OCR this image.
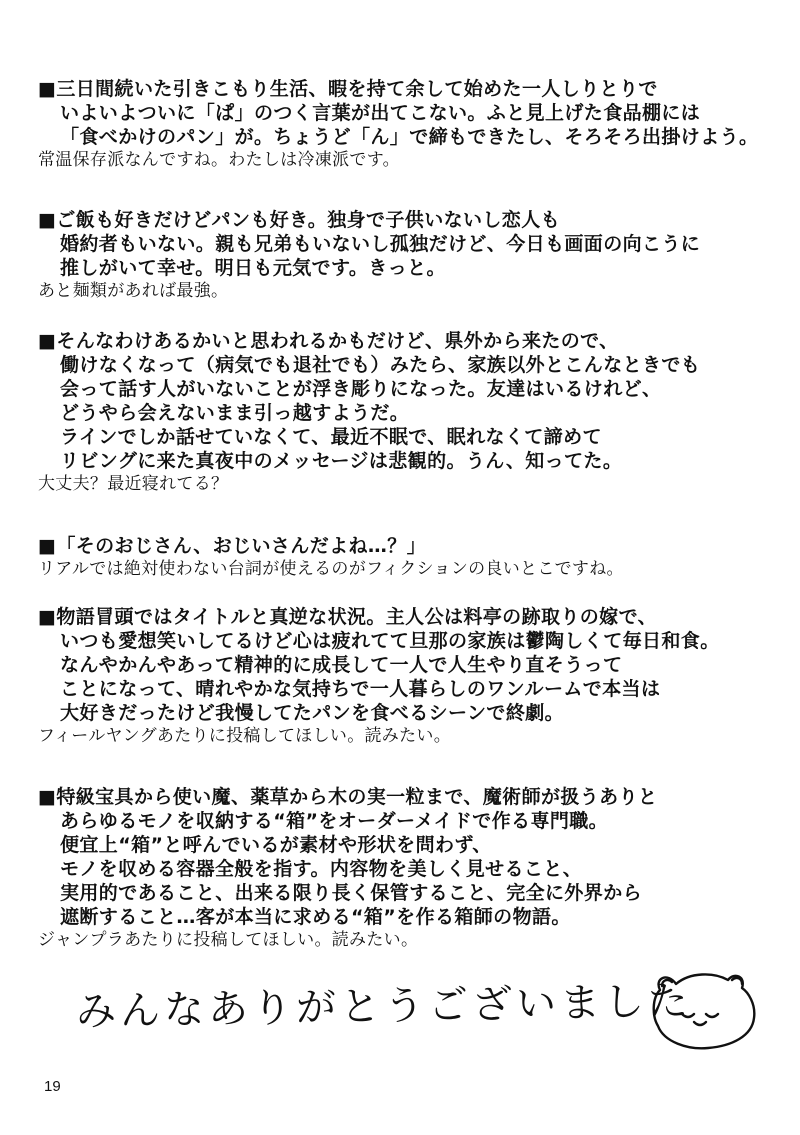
■三日間続いた引きこもり生活、暇を持て余して始めた一人しりとりで
いよいよついに「ぱ」のつく言葉が出てこない。ふと見上げた食品棚には
「食べかけのパン」が。ちょうど「ん」で締もできたし、そろそろ出掛けよう。
常温保存派なんですね。わたしは冷凍派です。
■ご飯も好きだけどパンも好き。独身で子供いないし恋人も
婚約者もいない。親も兄弟もいないし孤独だけど、今日も画面の向こうに
推しがいて幸せ。明日も元気です。きっと。
あと麺類があれば最強。
■そんなわけあるかいと思われるかもだけど、県外から来たので、
働けなくなって（病気でも退社でも）みたら、家族以外とこんなときでも
会って話す人がいないことが浮き彫りになった。友達はいるけれど、
どうやら会えないまま引っ越すようだ。
ラインでしか話せていなくて、最近不眠で、眠れなくて諦めて
リビングに来た真夜中のメッセージは悲観的。うん、知ってた。
大丈夫？最近寝れてる？
■「そのおじさん、おじいさんだよね…？」
リアルでは絶対使わない台詞が使えるのがフィクションの良いとこですね。
■物語冒頭ではタイトルと真逆な状況。主人公は料亭の跡取りの嫁で、
いつも愛想笑いしてるけど心は疲れてて旦那の家族は鬱陶しくて毎日和食。
なんやかんやあって精神的に成長して一人で人生やり直そうって
ことになって、晴れやかな気持ちで一人暮らしのワンルームで本当は
大好きだったけど我慢してたパンを食べるシーンで終劇。
フィールヤングあたりに投稿してほしい。読みたい。
■特級宝具から使い魔、薬草から木の実一粒まで、魔術師が扱うありと
あらゆるモノを収納する“箱”をオーダーメイドで作る専門職。
便宜上“箱”と呼んでいるが素材や形状を問わず、
モノを収める容器全般を指す。内容物を美しく見せること、
実用的であること、出来る限り長く保管すること、完全に外界から
遮断すること…客が本当に求める“箱”を作る箱師の物語。
ジャンプラあたりに投稿してほしい。読みたい。
みんなありがとうございました
19
